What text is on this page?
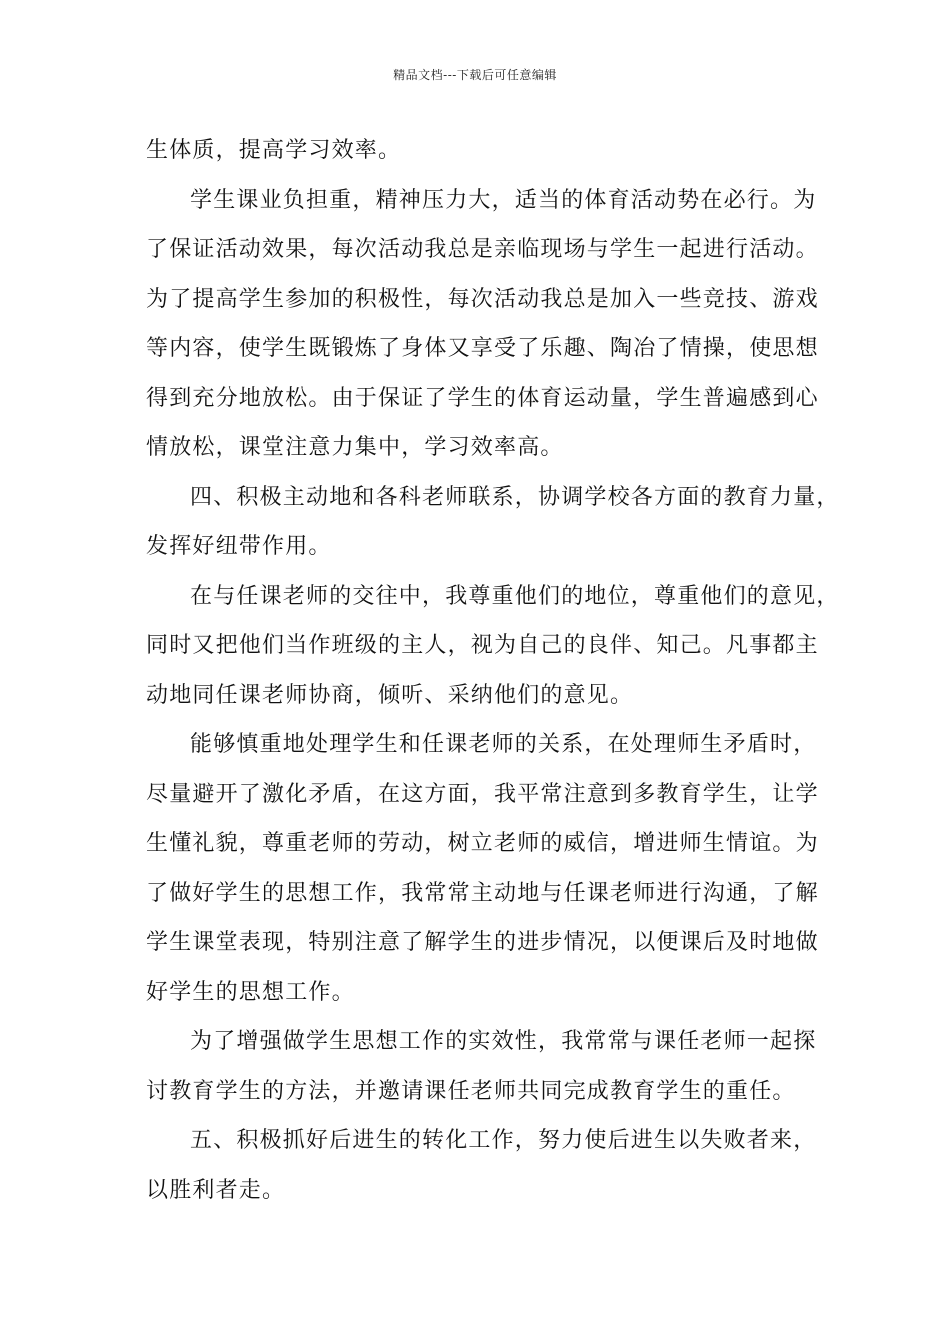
精品文档---下载后可任意编辑
生体质，提高学习效率。
学生课业负担重，精神压力大，适当的体育活动势在必行。为
了保证活动效果，每次活动我总是亲临现场与学生一起进行活动。
为了提高学生参加的积极性，每次活动我总是加入一些竞技、游戏
等内容，使学生既锻炼了身体又享受了乐趣、陶冶了情操，使思想
得到充分地放松。由于保证了学生的体育运动量，学生普遍感到心
情放松，课堂注意力集中，学习效率高。
四、积极主动地和各科老师联系，协调学校各方面的教育力量，
发挥好纽带作用。
在与任课老师的交往中，我尊重他们的地位，尊重他们的意见，
同时又把他们当作班级的主人，视为自己的良伴、知己。凡事都主
动地同任课老师协商，倾听、采纳他们的意见。
能够慎重地处理学生和任课老师的关系，在处理师生矛盾时，
尽量避开了激化矛盾，在这方面，我平常注意到多教育学生，让学
生懂礼貌，尊重老师的劳动，树立老师的威信，增进师生情谊。为
了做好学生的思想工作，我常常主动地与任课老师进行沟通，了解
学生课堂表现，特别注意了解学生的进步情况，以便课后及时地做
好学生的思想工作。
为了增强做学生思想工作的实效性，我常常与课任老师一起探
讨教育学生的方法，并邀请课任老师共同完成教育学生的重任。
五、积极抓好后进生的转化工作，努力使后进生以失败者来，
以胜利者走。
